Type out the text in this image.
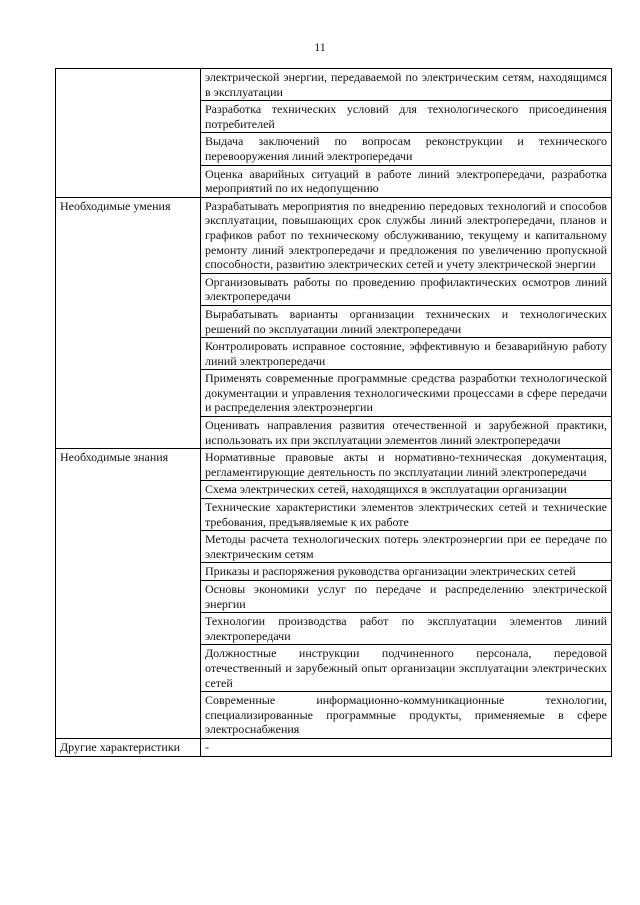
11
	электрической энергии, передаваемой по электрическим сетям, находящимся в эксплуатации
	Разработка технических условий для технологического присоединения потребителей
	Выдача заключений по вопросам реконструкции и технического перевооружения линий электропередачи
	Оценка аварийных ситуаций в работе линий электропередачи, разработка мероприятий по их недопущению

Необходимые умения	Разрабатывать мероприятия по внедрению передовых технологий и способов эксплуатации, повышающих срок службы линий электропередачи, планов и графиков работ по техническому обслуживанию, текущему и капитальному ремонту линий электропередачи и предложения по увеличению пропускной способности, развитию электрических сетей и учету электрической энергии
	Организовывать работы по проведению профилактических осмотров линий электропередачи
	Вырабатывать варианты организации технических и технологических решений по эксплуатации линий электропередачи
	Контролировать исправное состояние, эффективную и безаварийную работу линий электропередачи
	Применять современные программные средства разработки технологической документации и управления технологическими процессами в сфере передачи и распределения электроэнергии
	Оценивать направления развития отечественной и зарубежной практики, использовать их при эксплуатации элементов линий электропередачи

Необходимые знания	Нормативные правовые акты и нормативно-техническая документация, регламентирующие деятельность по эксплуатации линий электропередачи
	Схема электрических сетей, находящихся в эксплуатации организации
	Технические характеристики элементов электрических сетей и технические требования, предъявляемые к их работе
	Методы расчета технологических потерь электроэнергии при ее передаче по электрическим сетям
	Приказы и распоряжения руководства организации электрических сетей
	Основы экономики услуг по передаче и распределению электрической энергии
	Технологии производства работ по эксплуатации элементов линий электропередачи
	Должностные инструкции подчиненного персонала, передовой отечественный и зарубежный опыт организации эксплуатации электрических сетей
	Современные информационно-коммуникационные технологии, специализированные программные продукты, применяемые в сфере электроснабжения

Другие характеристики	-
